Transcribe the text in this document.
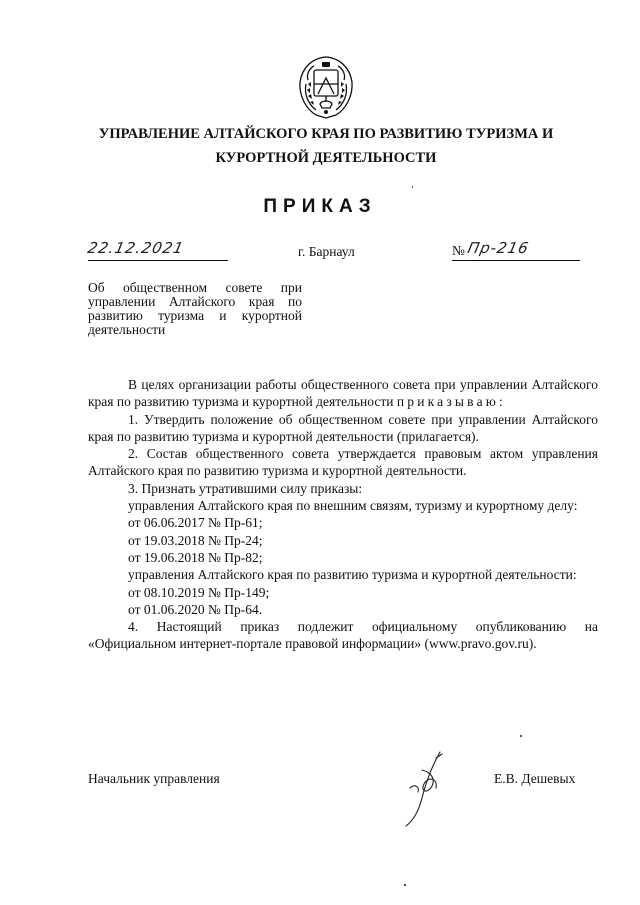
УПРАВЛЕНИЕ АЛТАЙСКОГО КРАЯ ПО РАЗВИТИЮ ТУРИЗМА И
КУРОРТНОЙ ДЕЯТЕЛЬНОСТИ
ПРИКАЗ
22.12.2021	г. Барнаул	№ Пр-216
Об общественном совете при управлении Алтайского края по развитию туризма и курортной деятельности

В целях организации работы общественного совета при управлении Алтайского края по развитию туризма и курортной деятельности приказываю:

1. Утвердить положение об общественном совете при управлении Алтайского края по развитию туризма и курортной деятельности (прилагается).

2. Состав общественного совета утверждается правовым актом управления Алтайского края по развитию туризма и курортной деятельности.

3. Признать утратившими силу приказы:

управления Алтайского края по внешним связям, туризму и курортному делу:

от 06.06.2017 № Пр-61;

от 19.03.2018 № Пр-24;

от 19.06.2018 № Пр-82;

управления Алтайского края по развитию туризма и курортной деятельности:

от 08.10.2019 № Пр-149;

от 01.06.2020 № Пр-64.

4. Настоящий приказ подлежит официальному опубликованию на «Официальном интернет-портале правовой информации» (www.pravo.gov.ru).

Начальник управления	Е.В. Дешевых
